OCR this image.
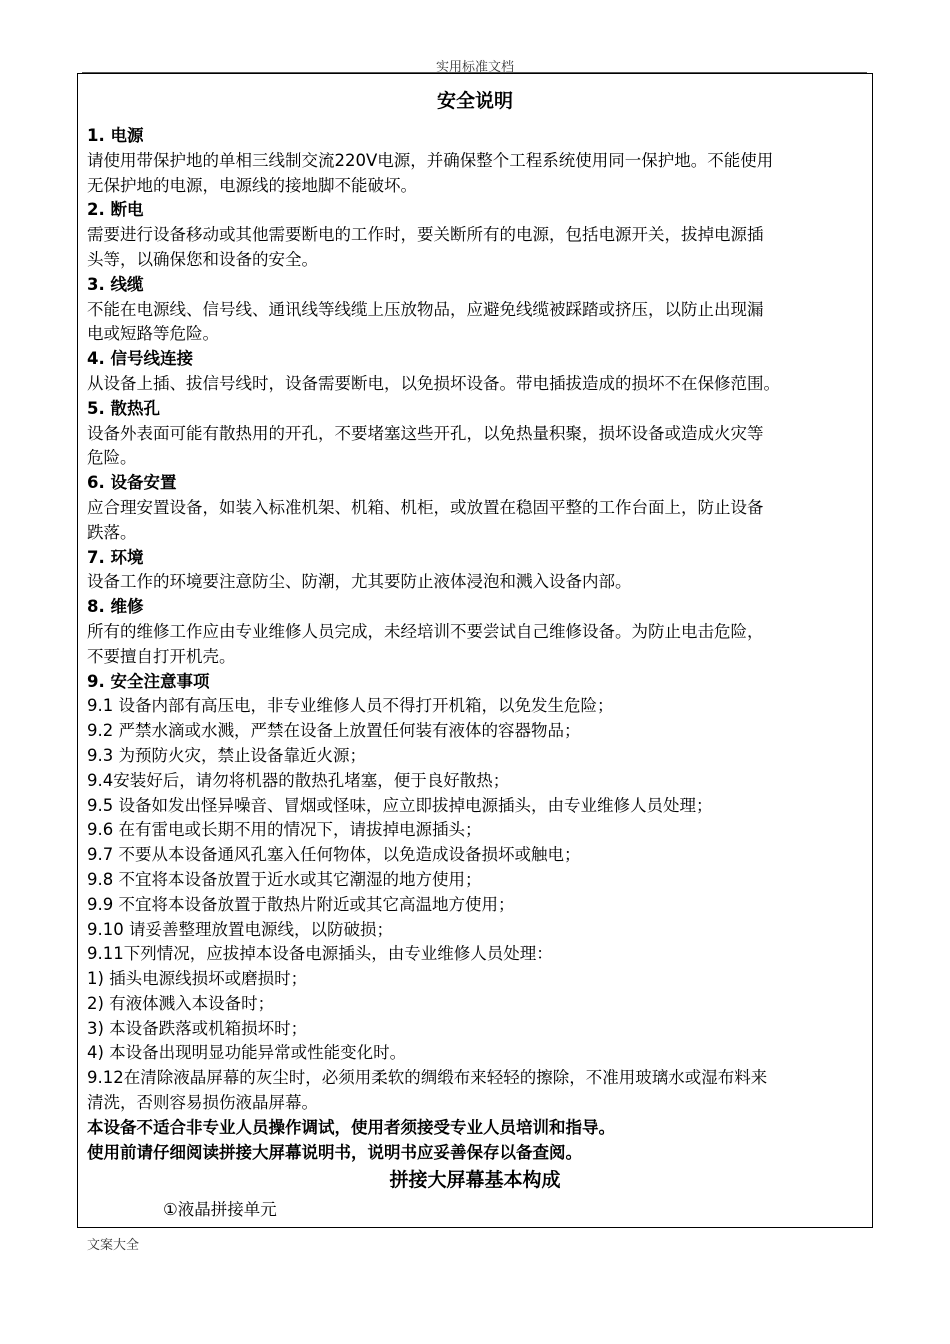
实用标准文档
安全说明
1. 电源
请使用带保护地的单相三线制交流220V电源，并确保整个工程系统使用同一保护地。不能使用
无保护地的电源，电源线的接地脚不能破坏。
2. 断电
需要进行设备移动或其他需要断电的工作时，要关断所有的电源，包括电源开关，拔掉电源插
头等，以确保您和设备的安全。
3. 线缆
不能在电源线、信号线、通讯线等线缆上压放物品，应避免线缆被踩踏或挤压，以防止出现漏
电或短路等危险。
4. 信号线连接
从设备上插、拔信号线时，设备需要断电，以免损坏设备。带电插拔造成的损坏不在保修范围。
5. 散热孔
设备外表面可能有散热用的开孔，不要堵塞这些开孔，以免热量积聚，损坏设备或造成火灾等
危险。
6. 设备安置
应合理安置设备，如装入标准机架、机箱、机柜，或放置在稳固平整的工作台面上，防止设备
跌落。
7. 环境
设备工作的环境要注意防尘、防潮，尤其要防止液体浸泡和溅入设备内部。
8. 维修
所有的维修工作应由专业维修人员完成，未经培训不要尝试自己维修设备。为防止电击危险，
不要擅自打开机壳。
9. 安全注意事项
9.1 设备内部有高压电，非专业维修人员不得打开机箱，以免发生危险；
9.2 严禁水滴或水溅，严禁在设备上放置任何装有液体的容器物品；
9.3 为预防火灾，禁止设备靠近火源；
9.4安装好后，请勿将机器的散热孔堵塞，便于良好散热；
9.5 设备如发出怪异噪音、冒烟或怪味，应立即拔掉电源插头，由专业维修人员处理；
9.6 在有雷电或长期不用的情况下，请拔掉电源插头；
9.7 不要从本设备通风孔塞入任何物体，以免造成设备损坏或触电；
9.8 不宜将本设备放置于近水或其它潮湿的地方使用；
9.9 不宜将本设备放置于散热片附近或其它高温地方使用；
9.10 请妥善整理放置电源线，以防破损；
9.11下列情况，应拔掉本设备电源插头，由专业维修人员处理：
1) 插头电源线损坏或磨损时；
2) 有液体溅入本设备时；
3) 本设备跌落或机箱损坏时；
4) 本设备出现明显功能异常或性能变化时。
9.12在清除液晶屏幕的灰尘时，必须用柔软的绸缎布来轻轻的擦除，不准用玻璃水或湿布料来
清洗，否则容易损伤液晶屏幕。
本设备不适合非专业人员操作调试，使用者须接受专业人员培训和指导。
使用前请仔细阅读拼接大屏幕说明书，说明书应妥善保存以备查阅。
拼接大屏幕基本构成
①液晶拼接单元
文案大全
